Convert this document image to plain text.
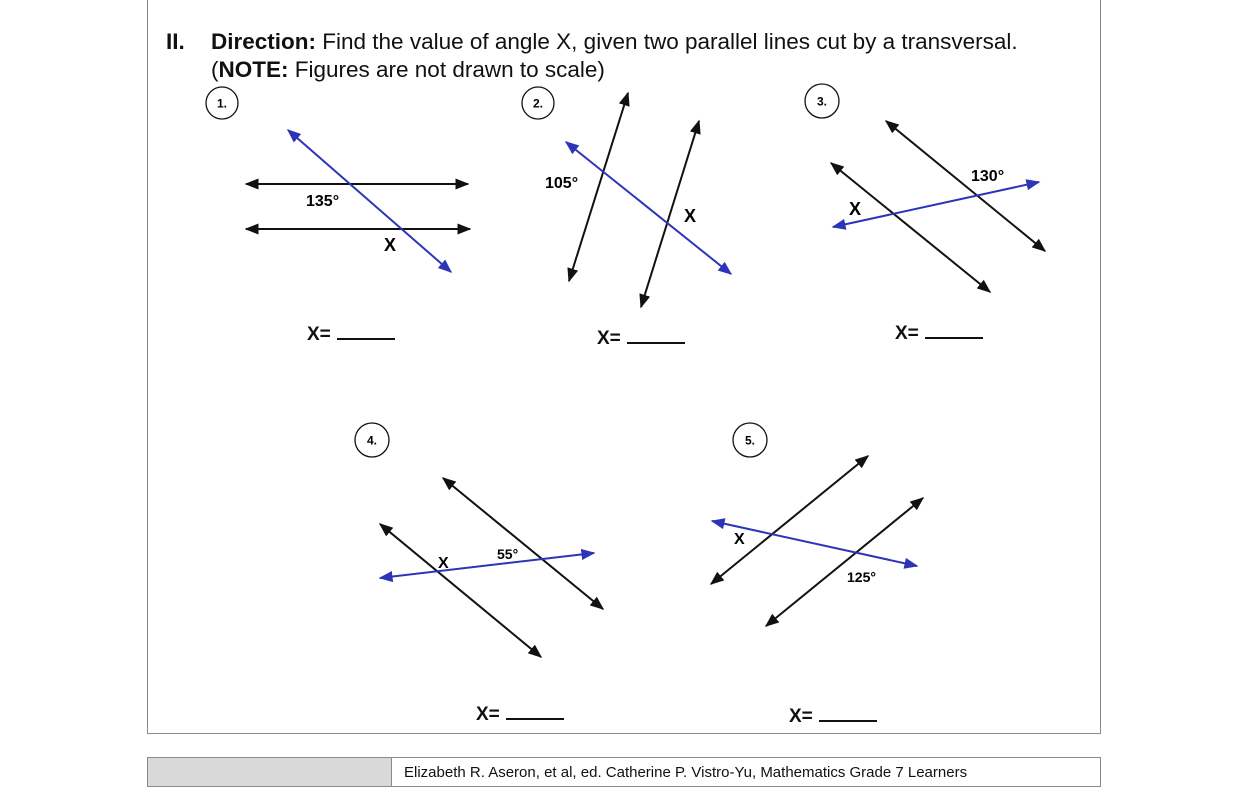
II. Direction: Find the value of angle X, given two parallel lines cut by a transversal.
(NOTE: Figures are not drawn to scale)
1.
135°
X
2.
105°
X
3.
130°
X
4.
55°
X
5.
125°
X
X=	X=	X=
X=	X=
Elizabeth R. Aseron, et al, ed. Catherine P. Vistro-Yu, Mathematics Grade 7 Learners
